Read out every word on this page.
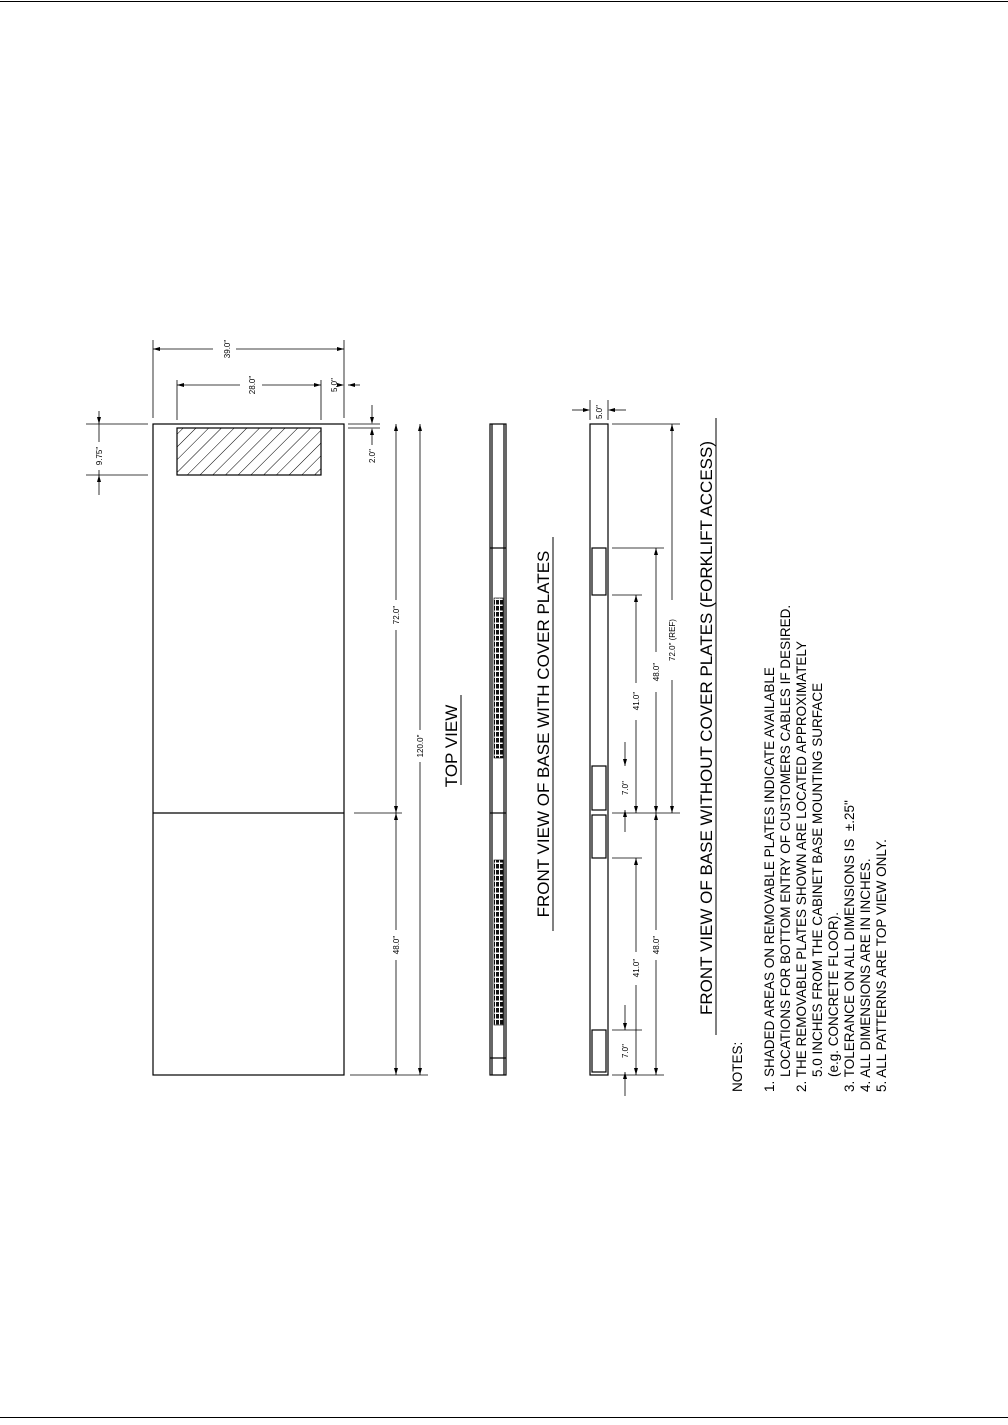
39.0"
28.0"	5.0"
9.75"	2.0"
72.0"
48.0"
120.0"
5.0"
72.0" (REF)
48.0"
41.0"
7.0"
48.0"
41.0"
7.0"
TOP VIEW	FRONT VIEW OF BASE WITH COVER PLATES	FRONT VIEW OF BASE WITHOUT COVER PLATES (FORKLIFT ACCESS)
NOTES: 1. SHADED AREAS ON REMOVABLE PLATES INDICATE AVAILABLE LOCATIONS FOR BOTTOM ENTRY OF CUSTOMERS CABLES IF DESIRED. 2. THE REMOVABLE PLATES SHOWN ARE LOCATED APPROXIMATELY 5.0 INCHES FROM THE CABINET BASE MOUNTING SURFACE (e.g. CONCRETE FLOOR). 3. TOLERANCE ON ALL DIMENSIONS IS  ±.25" 4. ALL DIMENSIONS ARE IN INCHES. 5. ALL PATTERNS ARE TOP VIEW ONLY.
